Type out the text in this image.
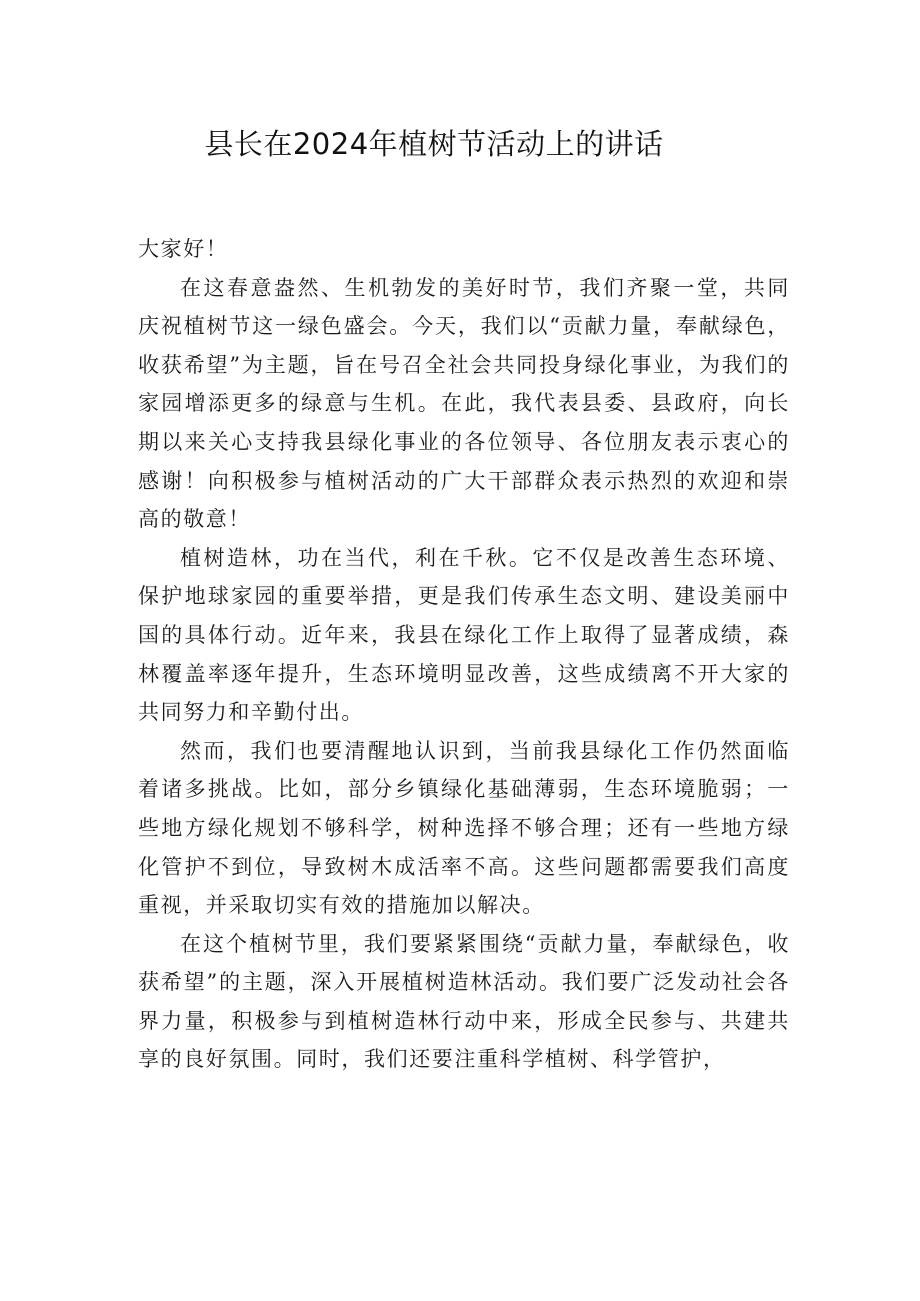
县长在2024年植树节活动上的讲话

大家好！

在这春意盎然、生机勃发的美好时节，我们齐聚一堂，共同庆祝植树节这一绿色盛会。今天，我们以“贡献力量，奉献绿色，收获希望”为主题，旨在号召全社会共同投身绿化事业，为我们的家园增添更多的绿意与生机。在此，我代表县委、县政府，向长期以来关心支持我县绿化事业的各位领导、各位朋友表示衷心的感谢！向积极参与植树活动的广大干部群众表示热烈的欢迎和崇高的敬意！

植树造林，功在当代，利在千秋。它不仅是改善生态环境、保护地球家园的重要举措，更是我们传承生态文明、建设美丽中国的具体行动。近年来，我县在绿化工作上取得了显著成绩，森林覆盖率逐年提升，生态环境明显改善，这些成绩离不开大家的共同努力和辛勤付出。

然而，我们也要清醒地认识到，当前我县绿化工作仍然面临着诸多挑战。比如，部分乡镇绿化基础薄弱，生态环境脆弱；一些地方绿化规划不够科学，树种选择不够合理；还有一些地方绿化管护不到位，导致树木成活率不高。这些问题都需要我们高度重视，并采取切实有效的措施加以解决。

在这个植树节里，我们要紧紧围绕“贡献力量，奉献绿色，收获希望”的主题，深入开展植树造林活动。我们要广泛发动社会各界力量，积极参与到植树造林行动中来，形成全民参与、共建共享的良好氛围。同时，我们还要注重科学植树、科学管护，
